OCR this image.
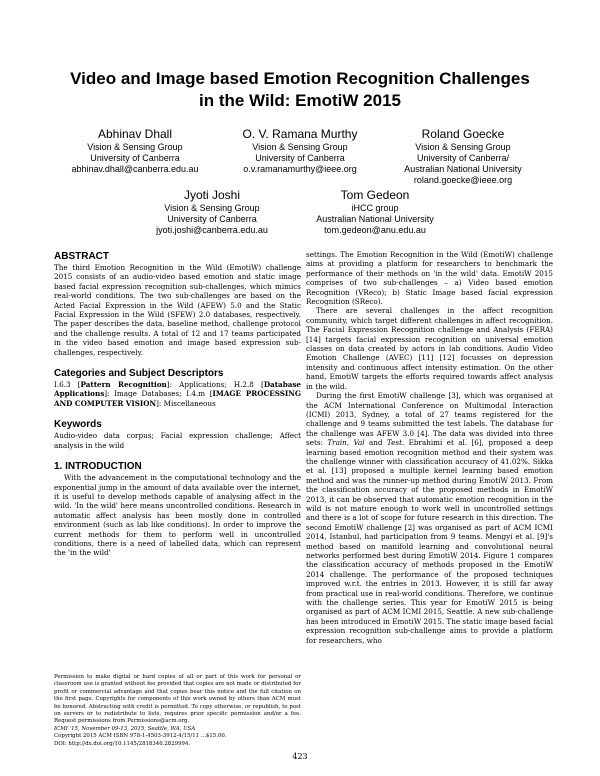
Video and Image based Emotion Recognition Challenges
in the Wild: EmotiW 2015
Abhinav Dhall
Vision & Sensing Group
University of Canberra
abhinav.dhall@canberra.edu.au
O. V. Ramana Murthy
Vision & Sensing Group
University of Canberra
o.v.ramanamurthy@ieee.org
Roland Goecke
Vision & Sensing Group
University of Canberra/
Australian National University
roland.goecke@ieee.org
Jyoti Joshi
Vision & Sensing Group
University of Canberra
jyoti.joshi@canberra.edu.au
Tom Gedeon
iHCC group
Australian National University
tom.gedeon@anu.edu.au
ABSTRACT

The third Emotion Recognition in the Wild (EmotiW) challenge 2015 consists of an audio-video based emotion and static image based facial expression recognition sub-challenges, which mimics real-world conditions. The two sub-challenges are based on the Acted Facial Expression in the Wild (AFEW) 5.0 and the Static Facial Expression in the Wild (SFEW) 2.0 databases, respectively. The paper describes the data, baseline method, challenge protocol and the challenge results. A total of 12 and 17 teams participated in the video based emotion and image based expression sub-challenges, respectively.

Categories and Subject Descriptors

I.6.3 [Pattern Recognition]: Applications; H.2.8 [Database Applications]: Image Databases; I.4.m [IMAGE PROCESSING AND COMPUTER VISION]: Miscellaneous

Keywords

Audio-video data corpus; Facial expression challenge; Affect analysis in the wild

1. INTRODUCTION

With the advancement in the computational technology and the exponential jump in the amount of data available over the internet, it is useful to develop methods capable of analysing affect in the wild. 'In the wild' here means uncontrolled conditions. Research in automatic affect analysis has been mostly done in controlled environment (such as lab like conditions). In order to improve the current methods for them to perform well in uncontrolled conditions, there is a need of labelled data, which can represent the 'in the wild'

Permission to make digital or hard copies of all or part of this work for personal or classroom use is granted without fee provided that copies are not made or distributed for profit or commercial advantage and that copies bear this notice and the full citation on the first page. Copyrights for components of this work owned by others than ACM must be honored. Abstracting with credit is permitted. To copy otherwise, or republish, to post on servers or to redistribute to lists, requires prior specific permission and/or a fee. Request permissions from Permissions@acm.org.

ICMI '15, November 09-13, 2015, Seattle, WA, USA

Copyright 2015 ACM ISBN 978-1-4503-3912-4/15/11 ...$15.00.

DOI: http://dx.doi.org/10.1145/2818346.2829994.

settings. The Emotion Recognition in the Wild (EmotiW) challenge aims at providing a platform for researchers to benchmark the performance of their methods on 'in the wild' data. EmotiW 2015 comprises of two sub-challenges – a) Video based emotion Recognition (VReco); b) Static Image based facial expression Recognition (SReco).

There are several challenges in the affect recognition community, which target different challenges in affect recognition. The Facial Expression Recognition challenge and Analysis (FERA) [14] targets facial expression recognition on universal emotion classes on data created by actors in lab conditions. Audio Video Emotion Challenge (AVEC) [11] [12] focusses on depression intensity and continuous affect intensity estimation. On the other hand, EmotiW targets the efforts required towards affect analysis in the wild.

During the first EmotiW challenge [3], which was organised at the ACM International Conference on Multimodal Interaction (ICMI) 2013, Sydney, a total of 27 teams registered for the challenge and 9 teams submitted the test labels. The database for the challenge was AFEW 3.0 [4]. The data was divided into three sets: Train, Val and Test. Ebrahimi et al. [6], proposed a deep learning based emotion recognition method and their system was the challenge winner with classification accuracy of 41.02%. Sikka et al. [13] proposed a multiple kernel learning based emotion method and was the runner-up method during EmotiW 2013. From the classification accuracy of the proposed methods in EmotiW 2013, it can be observed that automatic emotion recognition in the wild is not mature enough to work well in uncontrolled settings and there is a lot of scope for future research in this direction. The second EmotiW challenge [2] was organised as part of ACM ICMI 2014, Istanbul, had participation from 9 teams. Mengyi et al. [9]'s method based on manifold learning and convolutional neural networks performed best during EmotiW 2014. Figure 1 compares the classification accuracy of methods proposed in the EmotiW 2014 challenge. The performance of the proposed techniques improved w.r.t. the entries in 2013. However, it is still far away from practical use in real-world conditions. Therefore, we continue with the challenge series. This year for EmotiW 2015 is being organised as part of ACM ICMI 2015, Seattle. A new sub-challenge has been introduced in EmotiW 2015. The static image based facial expression recognition sub-challenge aims to provide a platform for researchers, who

423
